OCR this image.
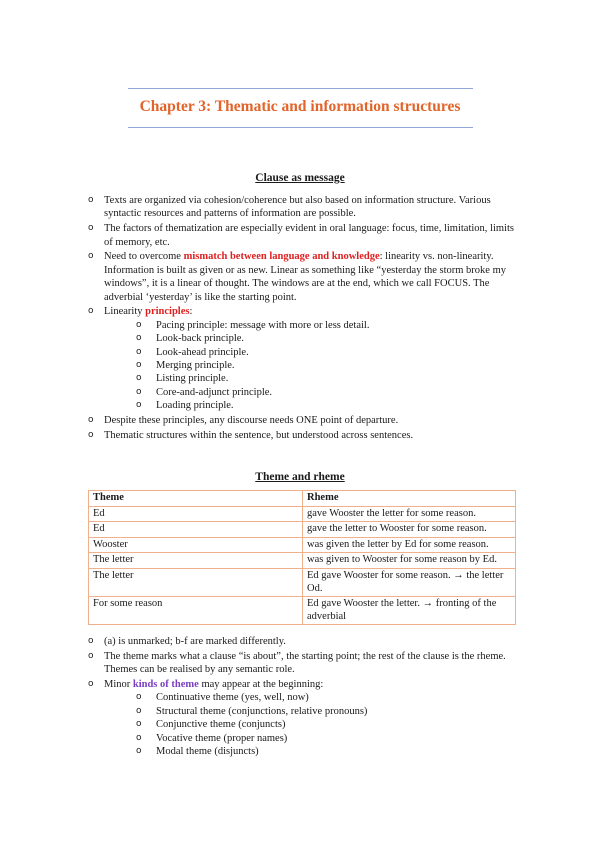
Chapter 3: Thematic and information structures
Clause as message
o Texts are organized via cohesion/coherence but also based on information structure. Various syntactic resources and patterns of information are possible.
o The factors of thematization are especially evident in oral language: focus, time, limitation, limits of memory, etc.
o Need to overcome mismatch between language and knowledge: linearity vs. non-linearity. Information is built as given or as new. Linear as something like “yesterday the storm broke my windows”, it is a linear of thought. The windows are at the end, which we call FOCUS. The adverbial ‘yesterday’ is like the starting point.
o Linearity principles:
o Pacing principle: message with more or less detail.
o Look-back principle.
o Look-ahead principle.
o Merging principle.
o Listing principle.
o Core-and-adjunct principle.
o Loading principle.
o Despite these principles, any discourse needs ONE point of departure.
o Thematic structures within the sentence, but understood across sentences.
Theme and rheme
Theme	Rheme
Ed	gave Wooster the letter for some reason.
Ed	gave the letter to Wooster for some reason.
Wooster	was given the letter by Ed for some reason.
The letter	was given to Wooster for some reason by Ed.
The letter	Ed gave Wooster for some reason. → the letter Od.
For some reason	Ed gave Wooster the letter. → fronting of the adverbial
o (a) is unmarked; b-f are marked differently.
o The theme marks what a clause “is about”, the starting point; the rest of the clause is the rheme. Themes can be realised by any semantic role.
o Minor kinds of theme may appear at the beginning:
o Continuative theme (yes, well, now)
o Structural theme (conjunctions, relative pronouns)
o Conjunctive theme (conjuncts)
o Vocative theme (proper names)
o Modal theme (disjuncts)
